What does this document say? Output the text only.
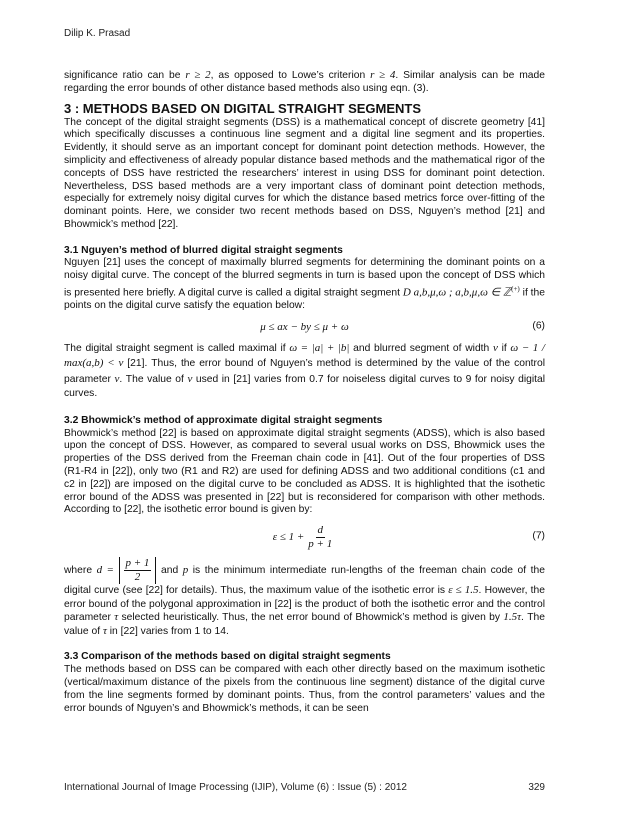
Dilip K. Prasad

significance ratio can be r ≥ 2, as opposed to Lowe’s criterion r ≥ 4. Similar analysis can be made regarding the error bounds of other distance based methods also using eqn. (3).

3 : METHODS BASED ON DIGITAL STRAIGHT SEGMENTS

The concept of the digital straight segments (DSS) is a mathematical concept of discrete geometry [41] which specifically discusses a continuous line segment and a digital line segment and its properties. Evidently, it should serve as an important concept for dominant point detection methods. However, the simplicity and effectiveness of already popular distance based methods and the mathematical rigor of the concepts of DSS have restricted the researchers’ interest in using DSS for dominant point detection. Nevertheless, DSS based methods are a very important class of dominant point detection methods, especially for extremely noisy digital curves for which the distance based metrics force over-fitting of the dominant points. Here, we consider two recent methods based on DSS, Nguyen’s method [21] and Bhowmick’s method [22].

3.1 Nguyen’s method of blurred digital straight segments

Nguyen [21] uses the concept of maximally blurred segments for determining the dominant points on a noisy digital curve. The concept of the blurred segments in turn is based upon the concept of DSS which is presented here briefly. A digital curve is called a digital straight segment D a,b,μ,ω ; a,b,μ,ω ∈ ℤ(+) if the points on the digital curve satisfy the equation below:

μ ≤ ax − by ≤ μ + ω	(6)

The digital straight segment is called maximal if ω = |a| + |b| and blurred segment of width ν if ω − 1 / max(a,b) < ν [21]. Thus, the error bound of Nguyen’s method is determined by the value of the control parameter ν. The value of ν used in [21] varies from 0.7 for noiseless digital curves to 9 for noisy digital curves.

3.2 Bhowmick’s method of approximate digital straight segments

Bhowmick’s method [22] is based on approximate digital straight segments (ADSS), which is also based upon the concept of DSS. However, as compared to several usual works on DSS, Bhowmick uses the properties of the DSS derived from the Freeman chain code in [41]. Out of the four properties of DSS (R1-R4 in [22]), only two (R1 and R2) are used for defining ADSS and two additional conditions (c1 and c2 in [22]) are imposed on the digital curve to be concluded as ADSS. It is highlighted that the isothetic error bound of the ADSS was presented in [22] but is reconsidered for comparison with other methods. According to [22], the isothetic error bound is given by:

$\varepsilon \le 1 + \frac{d}{p + 1}$	(7)

where $d = \frac{p + 1}{2}$ and p is the minimum intermediate run-lengths of the freeman chain code of the digital curve (see [22] for details). Thus, the maximum value of the isothetic error is ε ≤ 1.5. However, the error bound of the polygonal approximation in [22] is the product of both the isothetic error and the control parameter τ selected heuristically. Thus, the net error bound of Bhowmick’s method is given by 1.5τ. The value of τ in [22] varies from 1 to 14.

3.3 Comparison of the methods based on digital straight segments

The methods based on DSS can be compared with each other directly based on the maximum isothetic (vertical/maximum distance of the pixels from the continuous line segment) distance of the digital curve from the line segments formed by dominant points. Thus, from the control parameters’ values and the error bounds of Nguyen’s and Bhowmick’s methods, it can be seen

International Journal of Image Processing (IJIP), Volume (6) : Issue (5) : 2012	329
